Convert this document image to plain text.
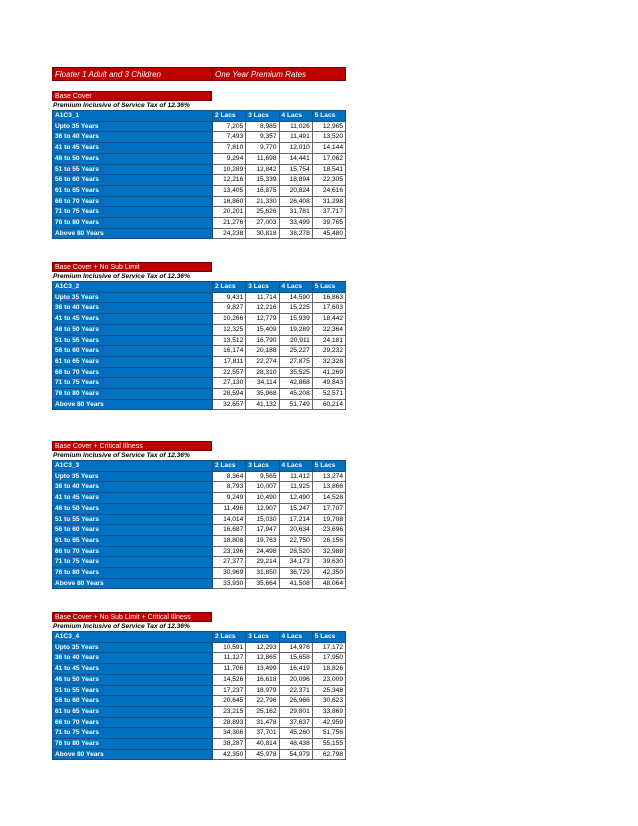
Floater 1 Adult and 3 Children	One Year Premium Rates
Base Cover
Premium Inclusive of Service Tax of 12.36%
A1C3_1	2 Lacs	3 Lacs	4 Lacs	5 Lacs
Upto 35 Years	7,205	8,985	11,026	12,965
36 to 40 Years	7,493	9,357	11,491	13,520
41 to 45 Years	7,810	9,770	12,010	14,144
46 to 50 Years	9,294	11,698	14,441	17,062
51 to 55 Years	10,289	12,842	15,754	18,541
56 to 60 Years	12,216	15,339	18,894	22,305
61 to 65 Years	13,405	16,875	20,824	24,616
66 to 70 Years	16,860	21,330	26,408	31,298
71 to 75 Years	20,201	25,626	31,781	37,717
76 to 80 Years	21,276	27,003	33,499	39,765
Above 80 Years	24,238	30,818	38,278	45,480
Base Cover + No Sub Limit
Premium Inclusive of Service Tax of 12.36%
A1C3_2	2 Lacs	3 Lacs	4 Lacs	5 Lacs
Upto 35 Years	9,431	11,714	14,590	16,863
36 to 40 Years	9,827	12,216	15,225	17,603
41 to 45 Years	10,266	12,779	15,939	18,442
46 to 50 Years	12,325	15,409	19,289	22,364
51 to 55 Years	13,512	16,790	20,911	24,181
56 to 60 Years	16,174	20,188	25,227	29,232
61 to 65 Years	17,811	22,274	27,875	32,328
66 to 70 Years	22,557	28,310	35,525	41,269
71 to 75 Years	27,130	34,114	42,868	49,843
76 to 80 Years	28,594	35,968	45,208	52,571
Above 80 Years	32,657	41,132	51,749	60,214
Base Cover + Critical Illness
Premium Inclusive of Service Tax of 12.36%
A1C3_3	2 Lacs	3 Lacs	4 Lacs	5 Lacs
Upto 35 Years	8,364	9,565	11,412	13,274
36 to 40 Years	8,793	10,007	11,925	13,866
41 to 45 Years	9,249	10,490	12,490	14,528
46 to 50 Years	11,496	12,907	15,247	17,707
51 to 55 Years	14,014	15,030	17,214	19,708
56 to 60 Years	16,687	17,947	20,634	23,696
61 to 65 Years	18,808	19,763	22,750	26,156
66 to 70 Years	23,196	24,498	28,520	32,988
71 to 75 Years	27,377	29,214	34,173	39,630
76 to 80 Years	30,969	31,850	36,729	42,350
Above 80 Years	33,930	35,664	41,508	48,064
Base Cover + No Sub Limit + Critical Illness
Premium Inclusive of Service Tax of 12.36%
A1C3_4	2 Lacs	3 Lacs	4 Lacs	5 Lacs
Upto 35 Years	10,591	12,293	14,976	17,172
36 to 40 Years	11,127	12,865	15,658	17,950
41 to 45 Years	11,706	13,499	16,419	18,826
46 to 50 Years	14,526	16,618	20,096	23,009
51 to 55 Years	17,237	18,979	22,371	25,348
56 to 60 Years	20,645	22,796	26,966	30,623
61 to 65 Years	23,215	25,162	29,801	33,869
66 to 70 Years	28,893	31,478	37,637	42,959
71 to 75 Years	34,306	37,701	45,260	51,756
76 to 80 Years	38,287	40,814	48,438	55,155
Above 80 Years	42,350	45,978	54,979	62,798
